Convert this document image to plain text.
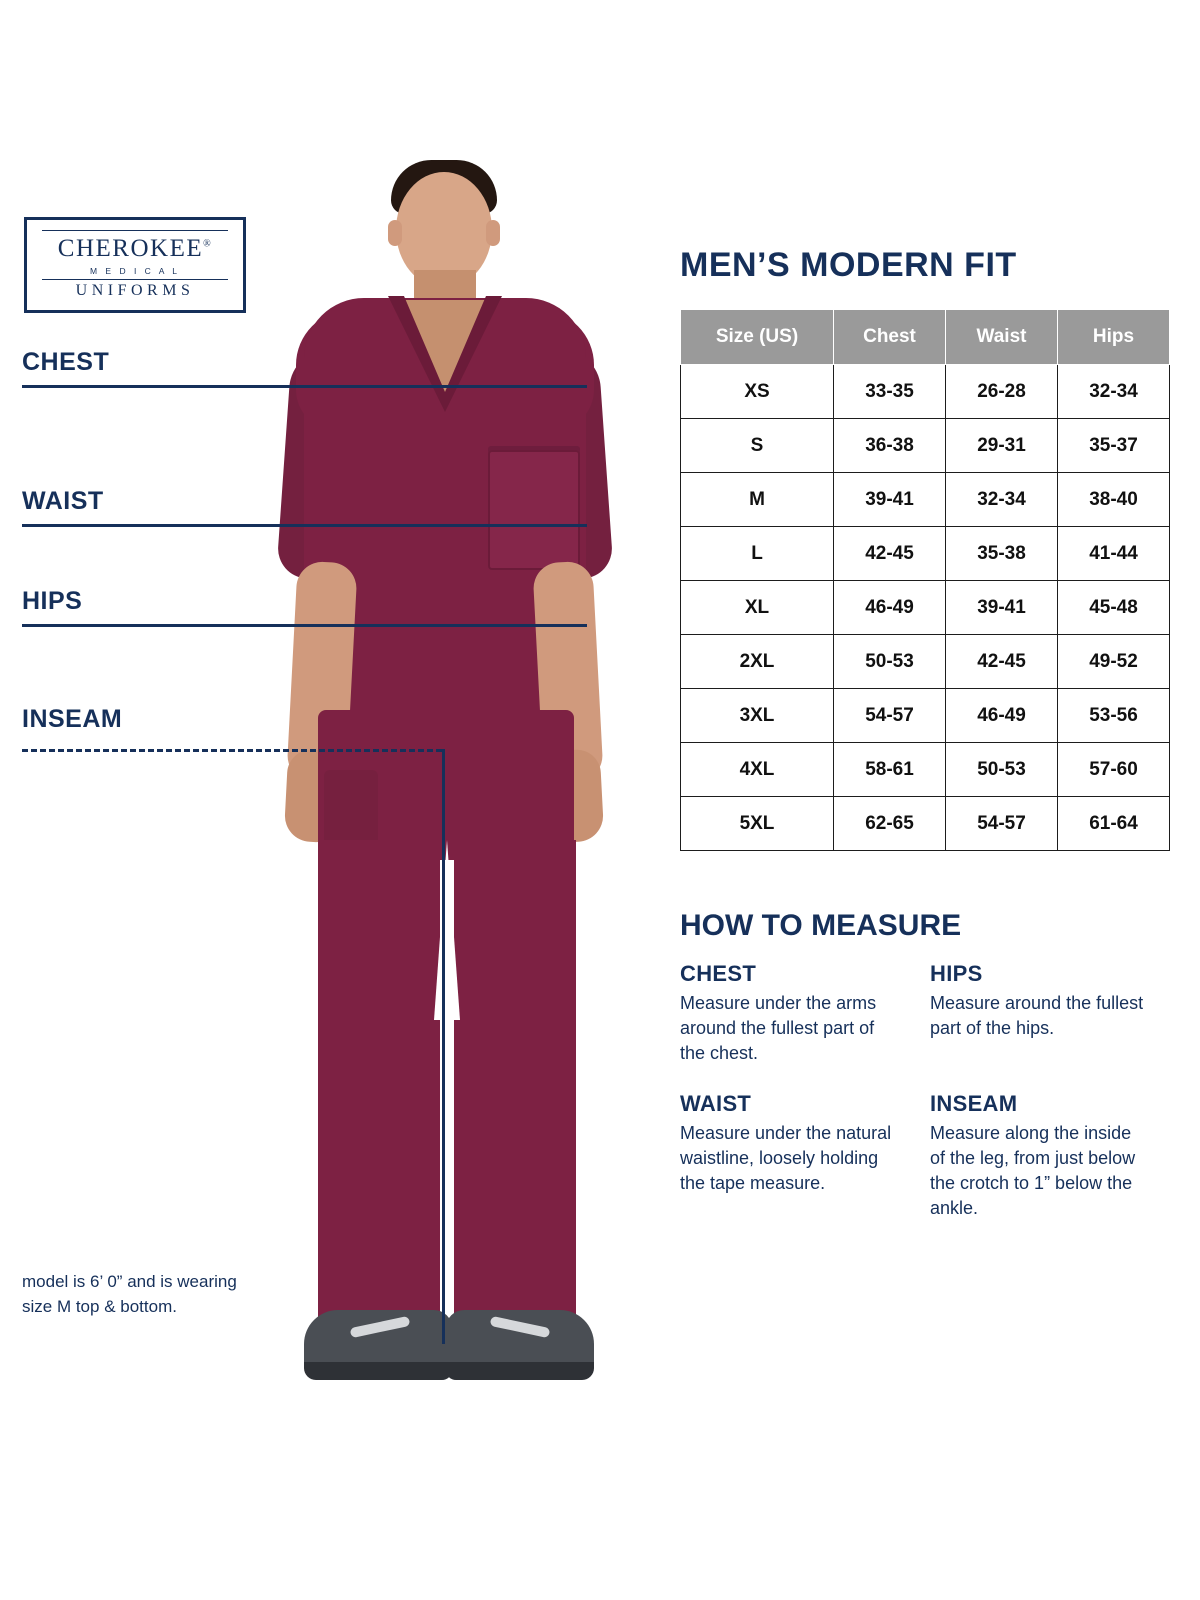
CHEROKEE®
M E D I C A L
UNIFORMS
CHEST
WAIST
HIPS
INSEAM
model is 6’ 0” and is wearing size M top & bottom.
MEN’S MODERN FIT
Size (US)	Chest	Waist	Hips
XS	33-35	26-28	32-34
S	36-38	29-31	35-37
M	39-41	32-34	38-40
L	42-45	35-38	41-44
XL	46-49	39-41	45-48
2XL	50-53	42-45	49-52
3XL	54-57	46-49	53-56
4XL	58-61	50-53	57-60
5XL	62-65	54-57	61-64
HOW TO MEASURE
CHEST

Measure under the arms around the fullest part of the chest.

HIPS

Measure around the fullest part of the hips.

WAIST

Measure under the natural waistline, loosely holding the tape measure.

INSEAM

Measure along the inside of the leg, from just below the crotch to 1” below the ankle.
